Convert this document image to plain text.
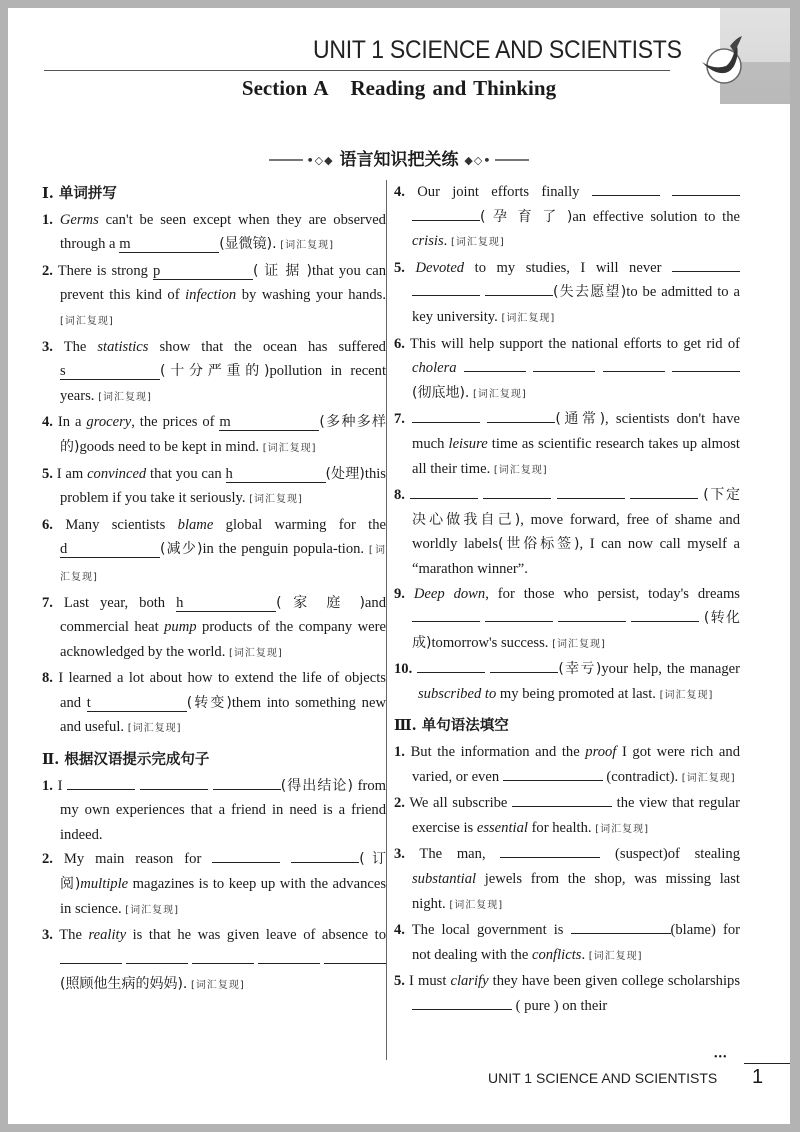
UNIT 1 SCIENCE AND SCIENTISTS
Section A Reading and Thinking
•◇◆ 语言知识把关练 ◆◇•
Ⅰ. 单词拼写
1. Germs can't be seen except when they are observed through a m	(显微镜). [词汇复现]
2. There is strong p	( 证 据 )that you can prevent this kind of infection by washing your hands. [词汇复现]
3. The statistics show that the ocean has suffered s	(十分严重的)pollution in recent years. [词汇复现]
4. In a grocery, the prices of m	(多种多样的)goods need to be kept in mind. [词汇复现]
5. I am convinced that you can h	(处理)this problem if you take it seriously. [词汇复现]
6. Many scientists blame global warming for the d	(减少)in the penguin popula-tion. [词汇复现]
7. Last year, both h	( 家 庭 )and commercial heat pump products of the company were acknowledged by the world. [词汇复现]
8. I learned a lot about how to extend the life of objects and t	(转变)them into something new and useful. [词汇复现]
Ⅱ. 根据汉语提示完成句子
1. I	(得出结论) from my own experiences that a friend in need is a friend indeed.
2. My main reason for	(订阅)multiple magazines is to keep up with the advances in science. [词汇复现]
3. The reality is that he was given leave of absence to     (照顾他生病的妈妈). [词汇复现]
4. Our joint efforts finally   ( 孕 育 了 )an effective solution to the crisis. [词汇复现]
5. Devoted to my studies, I will never   (失去愿望)to be admitted to a key university. [词汇复现]
6. This will help support the national efforts to get rid of cholera    (彻底地). [词汇复现]
7.	(通常), scientists don't have much leisure time as scientific research takes up almost all their time. [词汇复现]
8.	(下定决心做我自己), move forward, free of shame and worldly labels(世俗标签), I can now call myself a “marathon winner”.
9. Deep down, for those who persist, today's dreams     (转化成)tomorrow's success. [词汇复现]
10.	(幸亏)your help, the manager subscribed to my being promoted at last. [词汇复现]
Ⅲ. 单句语法填空
1. But the information and the proof I got were rich and varied, or even	(contradict). [词汇复现]
2. We all subscribe	the view that regular exercise is essential for health. [词汇复现]
3. The man,	(suspect)of stealing substantial jewels from the shop, was missing last night. [词汇复现]
4. The local government is	(blame) for not dealing with the conflicts. [词汇复现]
5. I must clarify they have been given college scholarships  ( pure ) on their
•••
UNIT 1 SCIENCE AND SCIENTISTS 1
